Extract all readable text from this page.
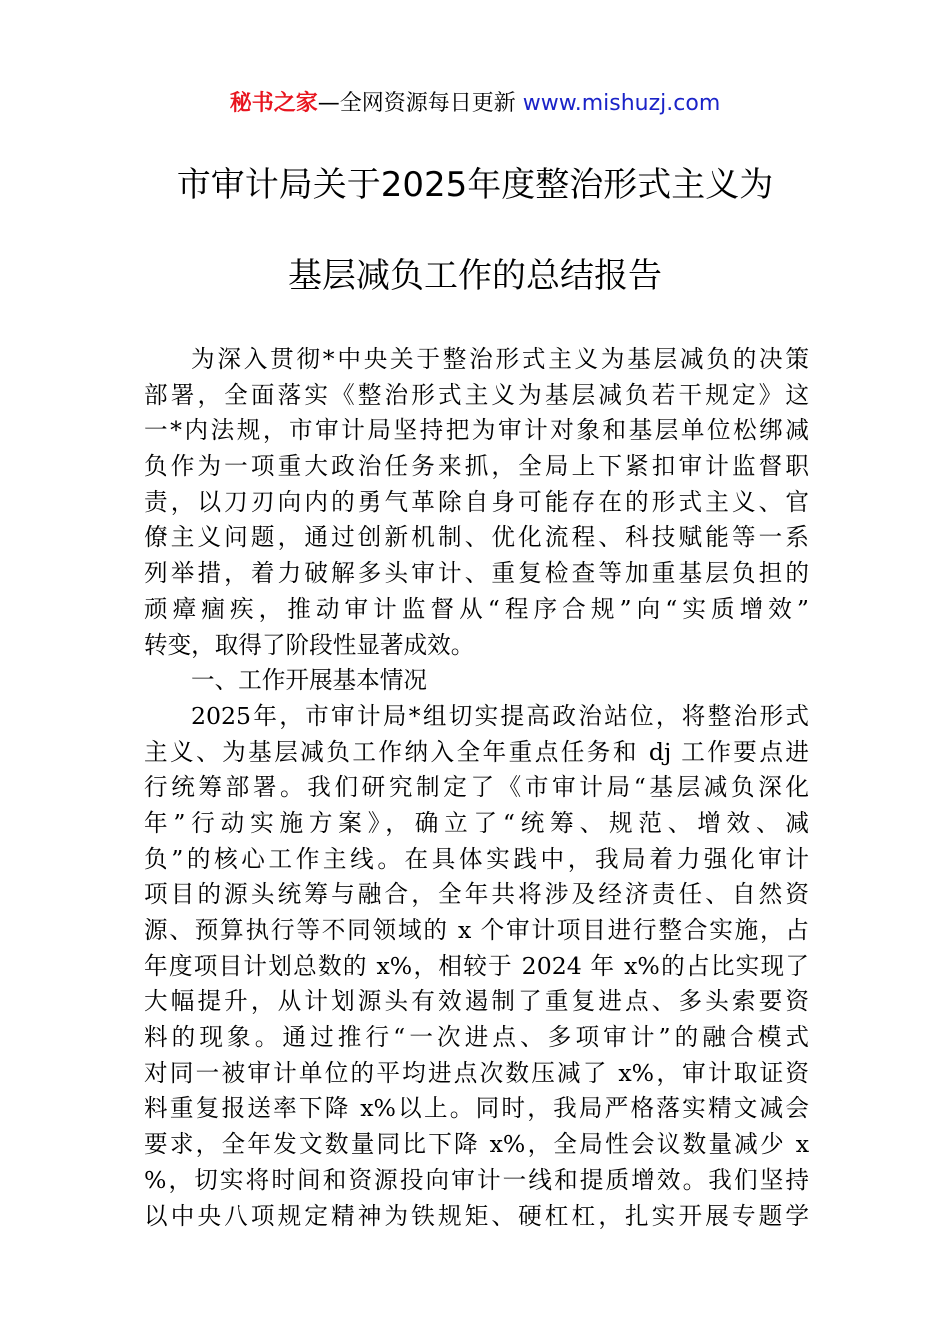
秘书之家—全网资源每日更新 www.mishuzj.com
市审计局关于2025年度整治形式主义为
基层减负工作的总结报告
为深入贯彻*中央关于整治形式主义为基层减负的决策
部署，全面落实《整治形式主义为基层减负若干规定》这
一*内法规，市审计局坚持把为审计对象和基层单位松绑减
负作为一项重大政治任务来抓，全局上下紧扣审计监督职
责，以刀刃向内的勇气革除自身可能存在的形式主义、官
僚主义问题，通过创新机制、优化流程、科技赋能等一系
列举措，着力破解多头审计、重复检查等加重基层负担的
顽瘴痼疾，推动审计监督从“程序合规”向“实质增效”
转变，取得了阶段性显著成效。
一、工作开展基本情况
2025年，市审计局*组切实提高政治站位，将整治形式
主义、为基层减负工作纳入全年重点任务和 dj 工作要点进
行统筹部署。我们研究制定了《市审计局“基层减负深化
年”行动实施方案》，确立了“统筹、规范、增效、减
负”的核心工作主线。在具体实践中，我局着力强化审计
项目的源头统筹与融合，全年共将涉及经济责任、自然资
源、预算执行等不同领域的 x 个审计项目进行整合实施，占
年度项目计划总数的 x%，相较于 2024 年 x%的占比实现了
大幅提升，从计划源头有效遏制了重复进点、多头索要资
料的现象。通过推行“一次进点、多项审计”的融合模式
对同一被审计单位的平均进点次数压减了 x%，审计取证资
料重复报送率下降 x%以上。同时，我局严格落实精文减会
要求，全年发文数量同比下降 x%，全局性会议数量减少 x
%，切实将时间和资源投向审计一线和提质增效。我们坚持
以中央八项规定精神为铁规矩、硬杠杠，扎实开展专题学
